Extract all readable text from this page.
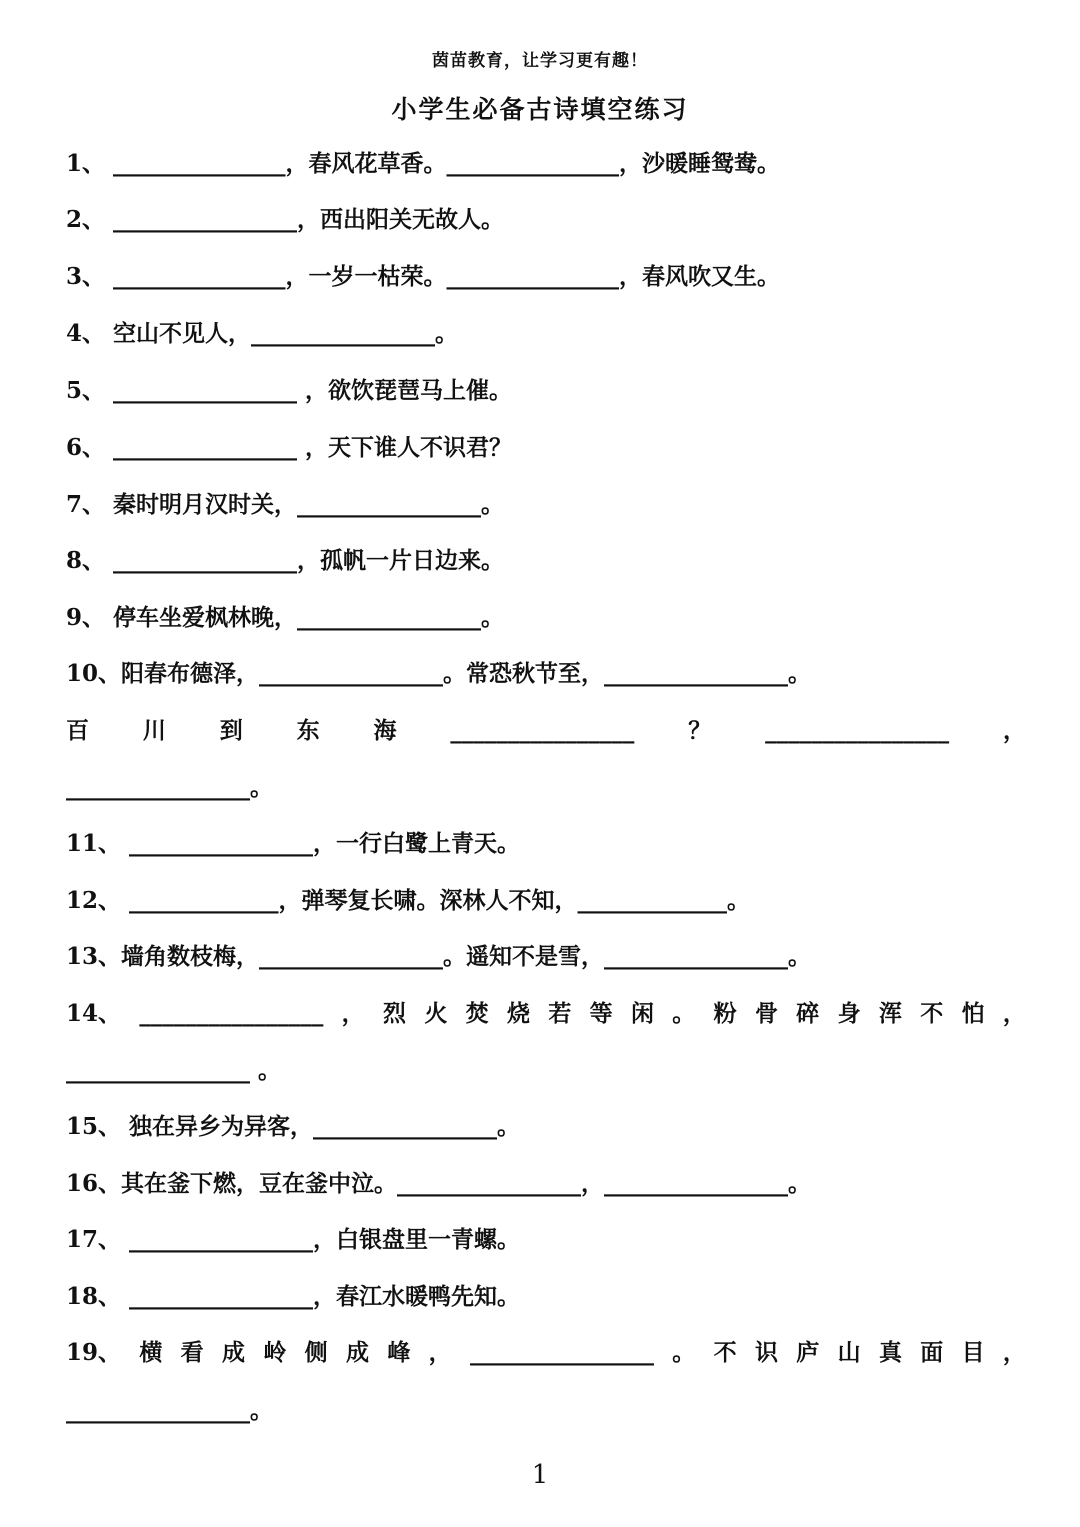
茵苗教育，让学习更有趣！
小学生必备古诗填空练习
1、 _______________，春风花草香。_______________，沙暖睡鸳鸯。
2、 ________________，西出阳关无故人。
3、 _______________，一岁一枯荣。_______________，春风吹又生。
4、 空山不见人，________________。
5、 ________________ ，欲饮琵琶马上催。
6、 ________________ ，天下谁人不识君？
7、 秦时明月汉时关，________________。
8、 ________________，孤帆一片日边来。
9、 停车坐爱枫林晚，________________。
10、阳春布德泽，________________。常恐秋节至，________________。
百 川 到 东 海 ________________ ？ ________________ ，
________________。
11、 ________________，一行白鹭上青天。
12、 _____________，弹琴复长啸。深林人不知，_____________。
13、墙角数枝梅，________________。遥知不是雪，________________。
14、 ________________ ， 烈 火 焚 烧 若 等 闲 。 粉 骨 碎 身 浑 不 怕 ，
________________ 。
15、 独在异乡为异客，________________。
16、其在釜下燃，豆在釜中泣。________________，________________。
17、 ________________，白银盘里一青螺。
18、 ________________，春江水暖鸭先知。
19、 横 看 成 岭 侧 成 峰 ， ________________ 。 不 识 庐 山 真 面 目 ，
________________。
1
